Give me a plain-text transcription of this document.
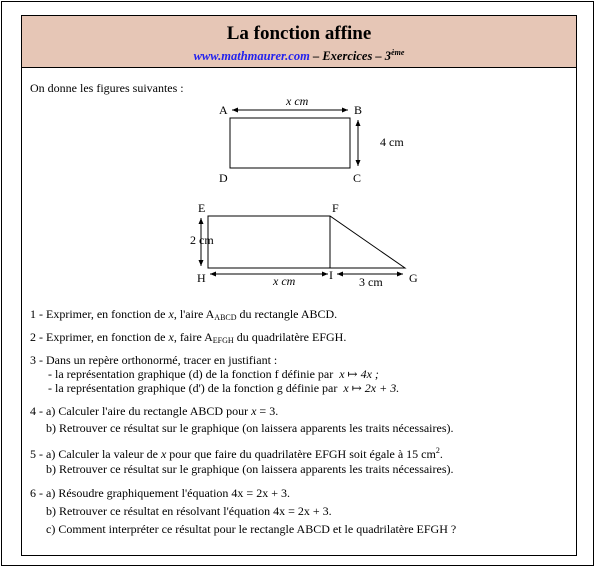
La fonction affine
www.mathmaurer.com – Exercices – 3ème
On donne les figures suivantes :
A	B
C
D
x cm
4 cm
E	F
G
H
2 cm
x cm	I 3 cm
1 - Exprimer, en fonction de x, l'aire $A_{ABCD}$ du rectangle ABCD.
2 - Exprimer, en fonction de x, faire $A_{EFGH}$ du quadrilatère EFGH.
3 - Dans un repère orthonormé, tracer en justifiant :
- la représentation graphique (d) de la fonction f définie par x ↦ 4x ;
- la représentation graphique (d') de la fonction g définie par x ↦ 2x + 3.
4 - a) Calculer l'aire du rectangle ABCD pour x = 3.
b) Retrouver ce résultat sur le graphique (on laissera apparents les traits nécessaires).
5 - a) Calculer la valeur de x pour que faire du quadrilatère EFGH soit égale à 15 $cm^2$.
b) Retrouver ce résultat sur le graphique (on laissera apparents les traits nécessaires).
6 - a) Résoudre graphiquement l'équation 4x = 2x + 3.
b) Retrouver ce résultat en résolvant l'équation 4x = 2x + 3.
c) Comment interpréter ce résultat pour le rectangle ABCD et le quadrilatère EFGH ?
